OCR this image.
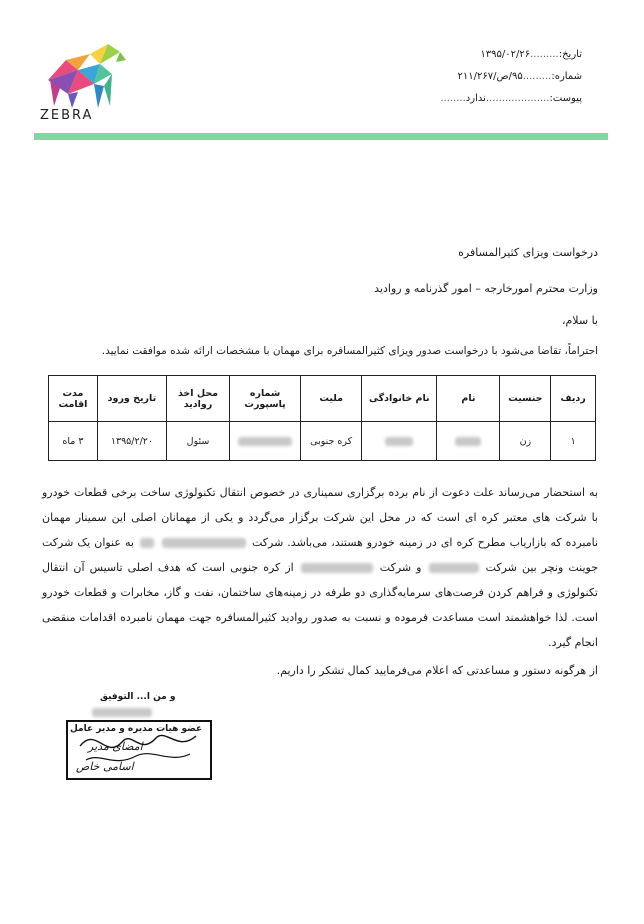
ZEBRA
تاریخ:.........۱۳۹۵/۰۲/۲۶
شماره:.........۹۵/ص/۲۱۱/۲۶۷
پیوست:....................ندارد........
درخواست ویزای کثیرالمسافره
وزارت محترم امورخارجه – امور گذرنامه و روادید
با سلام،
احتراماً، تقاضا می‌شود با درخواست صدور ویزای کثیرالمسافره برای مهمان با مشخصات ارائه شده موافقت نمایید.
ردیف	جنسیت	نام	نام خانوادگی	ملیت	شماره پاسپورت	محل اخذ روادید	تاریخ ورود	مدت اقامت
۱	زن			کره جنوبی		سئول	۱۳۹۵/۲/۲۰	۳ ماه
به استحضار می‌رساند علت دعوت از نام برده برگزاری سمیناری در خصوص انتقال تکنولوژی ساخت برخی قطعات خودرو با شرکت های معتبر کره ای است که در محل این شرکت برگزار می‌گردد و یکی از مهمانان اصلی این سمینار مهمان نامبرده که بازاریاب مطرح کره ای در زمینه خودرو هستند، می‌باشد. شرکت   به عنوان یک شرکت جوینت ونچر بین شرکت  و شرکت  از کره جنوبی است که هدف اصلی تاسیس آن انتقال تکنولوژی و فراهم کردن فرصت‌های سرمایه‌گذاری دو طرفه در زمینه‌های ساختمان، نفت و گاز، مخابرات و قطعات خودرو است. لذا خواهشمند است مساعدت فرموده و نسبت به صدور روادید کثیرالمسافره جهت مهمان نامبرده اقدامات منقضی انجام گیرد.
از هرگونه دستور و مساعدتی که اعلام می‌فرمایید کمال تشکر را داریم.
و من ا... التوفیق
عضو هیات مدیره و مدیر عامل
امضای مدیر
اسامی خاص
